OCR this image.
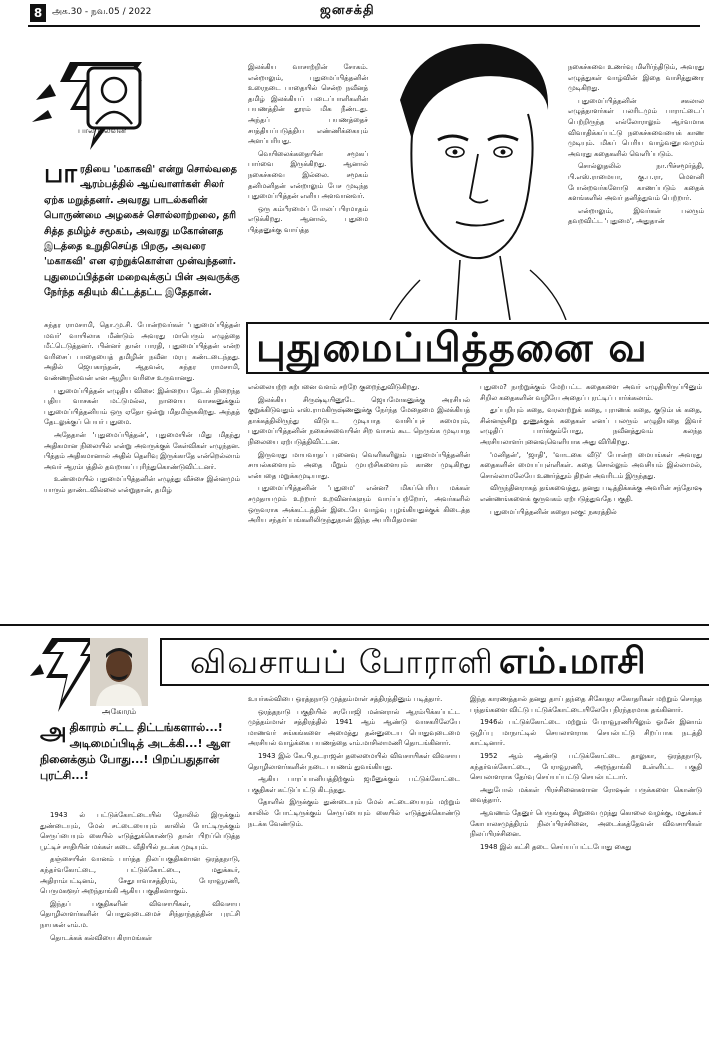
8	அக.30 - நவ.05 / 2022	ஜனசக்தி
பால் நிலவன்
பா ரதியை 'மகாகவி' என்று சொல்வதை ஆரம்பத்தில் ஆய்வாளர்கள் சிலர் ஏற்க மறுத்தனர். அவரது பாடல்களின் பொருண்மை அழகைச் சொல்லாற்றலை, தரி சித்த தமிழ்ச் சமூகம், அவரது மகோன்னத இடத்தை உறுதிசெய்த பிறகு, அவரை 'மகாகவி' என ஏற்றுக்கொள்ள முன்வந்தனர். புதுமைப்பித்தன் மறைவுக்குப் பின் அவருக்கு நேர்ந்த கதியும் கிட்டத்தட்ட இதேதான்.

சுந்தர ராமசாமி, தொ.மு.சி. போன்றவர்கள் 'புதுமைப்பித்தன் மவர்' வாயிலாக மீண்டும் அவரது மாபெரும் எழுத்தை மீட்டெடுத்தனர். பின்னர் தான் பாரதி, புதுமைப்பித்தன் என்ற வரிசைப் பாதையைத் தமிழின் நவீன மரபு கண்டடைந்தது. அதில் ஜெயகாந்தன், ஆதவன், சுந்தர ராமசாமி, வண்ணநிலவன் என ஆழிய வரிசை உருவானது.

புதுமைப்பித்தன் எழுதிய விசை: இன்றைய தேடல் நிறைந்த புதிய வாசகன் மட்டுமல்ல, நாளைய வாசகனுக்கும் புதுமைப்பித்தனியம் ஒரு ஏதோ ஒன்று மிதமிஞ்சுகிறது. அந்தத் தேடலுக்குப் பெயர் புதுமை.

அதேதான் 'புதுமைப்பித்தன்', புதுமையின் மிது மிதந்து அதிகமான நிலையில் என்று அவருக்குக் கேள்விகள் எழுந்தன. பித்தம் அதிகமானால் அதில் தெளிவு இருக்காதே என்றெல்லாம் அவர் ஆரம்பத்தில் தவறாகப் புரிந்துகொண்டுவிட்டனர்.

உண்மையில் புதுமைப்பித்தனின் எழுத்து வீச்சை இன்னமும் யாரும் தாண்டவில்லை என்றுதான், தமிழ்

இலக்கிய வாசாற்றின் சோகம். என்றாலும், புதுமைப்பித்தனின் உரைநடை பாதையில் சென்ற நவீனத் தமிழ் இலக்கியப் படைப்பாளிகளின் பயணத்தின் தூரம் மிக நீண்டது. அந்தப் பயணத்தைச் சாத்தியப்படுத்திய எண்ணிக்கையும் அளப்பரியது.

வெயிலைக்கதையின் சமூகப் பார்வை இருக்கிறது. ஆனால் நகைச்சுவை இல்லை. சமூகம் தனிமனிதன் என்றாலும் பேச முடிந்த புதுமைப்பித்தன் எளிய அளவானவர்.

ஒரு கம்பீரமைப் போலப் பிரமாதம் எடுக்கிறது. ஆனால், புதுமை பித்தனுக்கு வாய்த்த

நகைச்சுவை உணர்வு மிளிர்ந்திடும், அவரது எழுத்துகள் வாழ்வின் இதை வாசித்துணர முடிகிறது.

புதுமைப்பித்தனின் சகலால எழுத்தாளர்கள் பலரிடமும் பாராட்டைப் பெற்றிருந்த எல்லோராலும் ஆர்வமாக விவாதிக்கப்பட்டு நகைச்சுவையைக் காண முடியும். மிகப் பெரிய வாழ்வனுபவமும் அவரது கதைகளில் வெளிப்படும்.

சொல்லுதலில் நா.பிச்சமூர்த்தி, பி.எஸ்.ராமையா, கு.ப.ரா, மெளனி போன்றவர்களோடு காணப்படும் கதைக் களங்களில் அவர் தனித்துவம் பெற்றார்.

என்றாலும், இவர்கள் பலரும் தவறவிட்ட 'புதுமை', அதுதான்

புதுமைப்பித்தனை வ

எல்லையற்ற கற்பனை வளம் சற்றே குறைந்துவிடுகிறது.

இலக்கிய சிருஷ்டியினூடே ஜெயமோகனுக்கு அரசியல் குறுக்கிடுவதும் எஸ்.ராமகிருஷ்ணனுக்கு நேர்ந்த மேதைமை இலக்கியத் தாக்கத்திலிருந்து விடுபட முடியாத வாசிப்புச் சுமையும், புதுமைப்பித்தனின் நகைச்சுவையின் சிற வாசம் கூட நெருங்க முடியாத நிலையை ஏற்படுத்திவிட்டன.

இருவரது மாயவாதப் புனைவு வெளிகளிலும் புதுமைப்பித்தனின் சாயல்களையும் அதை மீறும் முயற்சிகளையும் காண முடிகிறது என்பதை மறுக்கமுடியாது.

புதுமைப்பித்தனின் 'புதுமை' என்ன? மிகப்பெரிய மக்கள் சமுதாயமும் உற்றார் உறவினர்களும் வாய்ப்பற்றோர், அவர்களில் ஒருவராக அக்கட்டத்தின் இடையே வாழ்வு புழங்கியதுக்குக் கிடைத்த அரிய சந்தர்ப்பங்களிலிருந்துதான் இந்த அபரிமிதமான

புதுமை? நாற்றுக்கும் மேற்பட்ட கதைகளை அவர் எழுதியிருப்பினும் சிறில கதைகளின் வழியே அதைப் புரட்டிப் பார்க்கலாம்.

துப்பறியும் கதை, வரலாற்றுக் கதை, புராணக் கதை, குடும்பக் கதை, சின்னஞ்சிறு துணுக்குக் கதைகள் எனப் பலரும் எழுதியதை இவர் எழுதிப் பார்க்கும்போது, நவீனத்துவம் கலந்த அரசியலாளர்புனைவுவெளியாக அது விரிகிறது.

'மனிதன்', 'ஜாதி', 'வாடகை வீடு' போன்ற மையங்கள் அவரது கதைகளின் மையப்புள்ளிகள். கதை சொல்லும் அவசியம் இல்லாமல், சொல்லாமலேயே உணர்த்தும் திறன் அவரிடம் இருந்தது.

விருந்தினராகத் தங்கவைத்து, தனது படித்திக்கக்கு அவரின் சந்தோஷ எண்ணங்களைக் குருவகம் ஏற்படுத்துவதே பகுதி.

புதுமைப்பித்தனின் கதையுலகு: நகரத்தில்

அகோரம்
விவசாயப் போராளி எம்.மாசி
அ திகாரம் சட்ட திட்டங்களால்...! அடிமைப்பிடித் அடக்கி...! ஆள நினைக்கும் போது...! பிறப்பதுதான் புரட்சி...!

1943 ல் பட்டுக்கோட்டையில் தோலில் இருக்கும் துண்டையும், மேல் சட்டையையும் காலில் போட்டிருக்கும் செருப்பையும் கையில் எடுத்துக்கொண்டு தான் பிறப்பெடுத்த பூட்டிச் சாதியின் மக்கள் கடை வீதியில் நடக்க முடியும்.

தஞ்சையின் வானம் பார்த்த நிலப்பகுதிகளான ஒரத்தநாடு, கந்தர்வகோட்டை, பட்டுக்கோட்டை, மதுக்கூர், அதிராம்பட்டினம், சேதுபாவாசத்திரம், பேராவூரணி, பெருமகளூர் அறந்தாங்கி ஆகிய பகுதிகளாகும்.

இந்தப் பகுதிகளின் விவசாயிகள், விவசாய தொழிலாளர்களின் பொதுவுடைமைச் சிந்தாந்தத்தின் புரட்சி நாயகன் எம்.ம.

தொடக்கக் கல்வியை கிராமங்கள்

உயர்கல்விபை ஒரத்தநாடு முத்தம்மாள் சத்திரத்தினும் படித்தார்.

ஒரத்தநாடு பகுதியில் சரபோஜி மன்னரால் ஆரம்பிக்கப்பட்ட முத்தம்மாள் சத்திரத்தில் 1941 ஆம் ஆண்டு வாசகரிலேயே மாணவர் சங்கங்களை அமைத்து தன்னுடைய பொதுவுடைமை அரசியல் வாழ்க்கை பயணத்தை எம்.மாசிலாமணி தொடங்கினார்.

1943 இல் கே.பி.நடராஜன் தலைமையில் விவசாயிகள் விவசாய தொழிலாளர்களின் நடை பயணம் துவங்கியது.

ஆகிய பாரப்பானியத்திற்கும் ஜமீனுக்கும் பட்டுக்கோட்டை பகுதிகள் கட்டுப்பட்டு கிடந்தது.

தோளில் இருக்கும் துண்டையும் மேல் சட்டையையும் மற்றும் காலில் போட்டிருக்கும் செருப்பையும் கையில் எடுத்துக்கொண்டு நடக்க வேண்டும்.

இந்த காரணத்தால் தனது தாய் தந்தை சிகோதர சகோதரிகள் மற்றும் சொந்த பந்தங்களை விட்டு பட்டுக்கோட்டையிலேயே நிரந்தரமாக தங்கினார்.

1946ல் பட்டுக்கோட்டை மற்றும் பேராவூரணியிலும் ஓமீன் இனாம் ஒழிப்பு மாநாட்டில் செயலாளராக செயல்பட்டு சிறப்பாக நடத்தி காட்டினார்.

1952 ஆம் ஆண்டு பட்டுக்கோட்டை தாலுகா, ஒரத்தநாடு, கந்தர்வக்கோட்டை, பேராவூரணி, அறந்தாங்கி உள்ளிட்ட பகுதி செயலாளராக தேர்வு செய்யப்பட்டு செயல்பட்டார்.

அதுபோல் மக்கள் பிரச்சினைகளான ரோஷன் பருக்களை கொண்டு வைத்தார்.

ஆவணம் தேனுர் பெருங்குடி சிறுவை முந்து கொலை வழக்கு, மதுக்கூர் கோபாலசமுத்திரம் நிலப்பிரச்சினை, அடைக்கத்தேவன் விவசாயிகள் நிலப்பிரச்சினை.

1948 இல் கட்சி தடை செய்யப்பட்டபோது கைது
